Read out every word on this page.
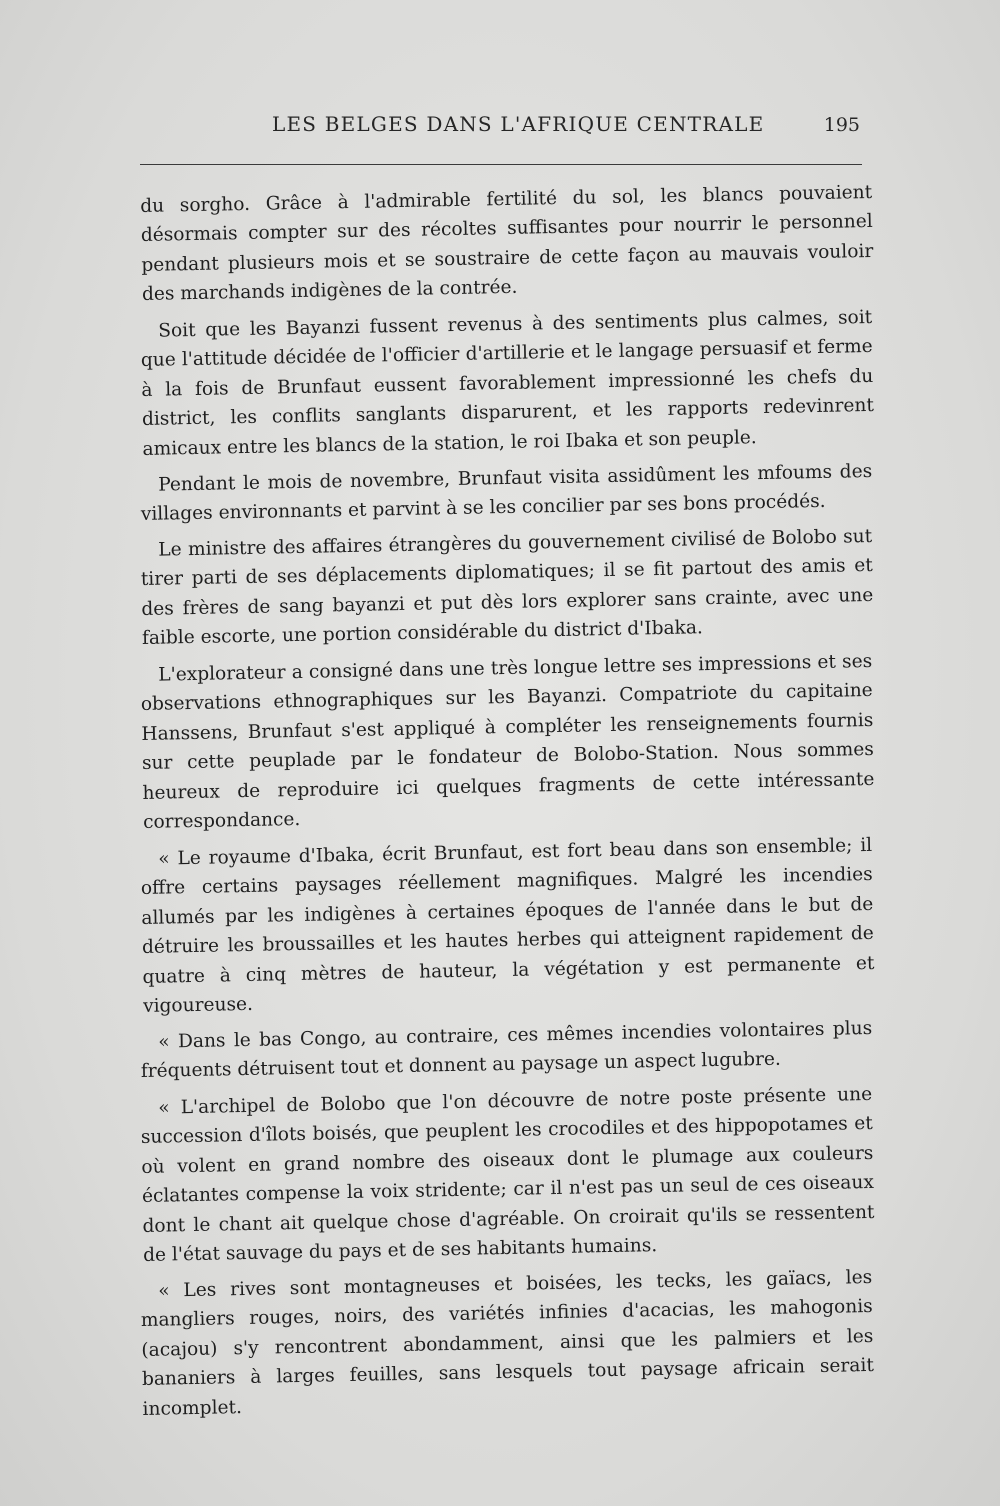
LES BELGES DANS L'AFRIQUE CENTRALE	195

du sorgho. Grâce à l'admirable fertilité du sol, les blancs pouvaient désormais compter sur des récoltes suffisantes pour nourrir le personnel pendant plusieurs mois et se soustraire de cette façon au mauvais vouloir des marchands indigènes de la contrée.

Soit que les Bayanzi fussent revenus à des sentiments plus calmes, soit que l'attitude décidée de l'officier d'artillerie et le langage persuasif et ferme à la fois de Brunfaut eussent favorablement impressionné les chefs du district, les conflits sanglants disparurent, et les rapports redevinrent amicaux entre les blancs de la station, le roi Ibaka et son peuple.

Pendant le mois de novembre, Brunfaut visita assidûment les mfoums des villages environnants et parvint à se les concilier par ses bons procédés.

Le ministre des affaires étrangères du gouvernement civilisé de Bolobo sut tirer parti de ses déplacements diplomatiques; il se fit partout des amis et des frères de sang bayanzi et put dès lors explorer sans crainte, avec une faible escorte, une portion considérable du district d'Ibaka.

L'explorateur a consigné dans une très longue lettre ses impressions et ses observations ethnographiques sur les Bayanzi. Compatriote du capitaine Hanssens, Brunfaut s'est appliqué à compléter les renseignements fournis sur cette peuplade par le fondateur de Bolobo-Station. Nous sommes heureux de reproduire ici quelques fragments de cette intéressante correspondance.

« Le royaume d'Ibaka, écrit Brunfaut, est fort beau dans son ensemble; il offre certains paysages réellement magnifiques. Malgré les incendies allumés par les indigènes à certaines époques de l'année dans le but de détruire les broussailles et les hautes herbes qui atteignent rapidement de quatre à cinq mètres de hauteur, la végétation y est permanente et vigoureuse.

« Dans le bas Congo, au contraire, ces mêmes incendies volontaires plus fréquents détruisent tout et donnent au paysage un aspect lugubre.

« L'archipel de Bolobo que l'on découvre de notre poste présente une succession d'îlots boisés, que peuplent les crocodiles et des hippopotames et où volent en grand nombre des oiseaux dont le plumage aux couleurs éclatantes compense la voix stridente; car il n'est pas un seul de ces oiseaux dont le chant ait quelque chose d'agréable. On croirait qu'ils se ressentent de l'état sauvage du pays et de ses habitants humains.

« Les rives sont montagneuses et boisées, les tecks, les gaïacs, les mangliers rouges, noirs, des variétés infinies d'acacias, les mahogonis (acajou) s'y rencontrent abondamment, ainsi que les palmiers et les bananiers à larges feuilles, sans lesquels tout paysage africain serait incomplet.
